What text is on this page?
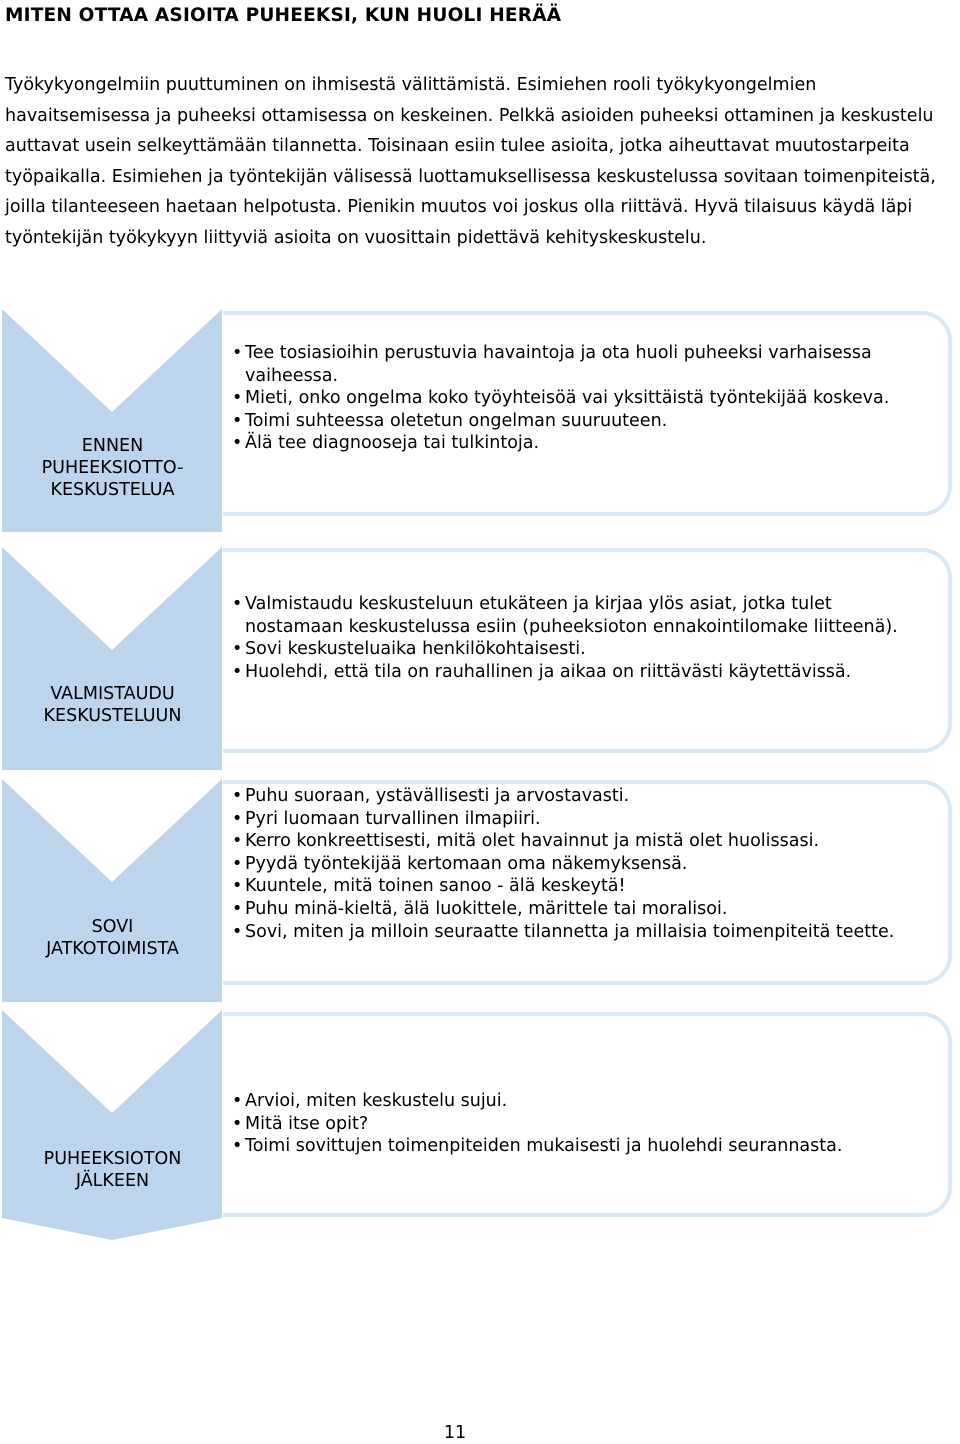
MITEN OTTAA ASIOITA PUHEEKSI, KUN HUOLI HERÄÄ
Työkykyongelmiin puuttuminen on ihmisestä välittämistä. Esimiehen rooli työkykyongelmien havaitsemisessa ja puheeksi ottamisessa on keskeinen. Pelkkä asioiden puheeksi ottaminen ja keskustelu auttavat usein selkeyttämään tilannetta. Toisinaan esiin tulee asioita, jotka aiheuttavat muutostarpeita työpaikalla. Esimiehen ja työntekijän välisessä luottamuksellisessa keskustelussa sovitaan toimenpiteistä, joilla tilanteeseen haetaan helpotusta. Pienikin muutos voi joskus olla riittävä. Hyvä tilaisuus käydä läpi työntekijän työkykyyn liittyviä asioita on vuosittain pidettävä kehityskeskustelu.
ENNEN
PUHEEKSIOTTO-
KESKUSTELUA
• Tee tosiasioihin perustuvia havaintoja ja ota huoli puheeksi varhaisessa vaiheessa.
• Mieti, onko ongelma koko työyhteisöä vai yksittäistä työntekijää koskeva.
• Toimi suhteessa oletetun ongelman suuruuteen.
• Älä tee diagnooseja tai tulkintoja.
VALMISTAUDU
KESKUSTELUUN
• Valmistaudu keskusteluun etukäteen ja kirjaa ylös asiat, jotka tulet nostamaan keskustelussa esiin (puheeksioton ennakointilomake liitteenä).
• Sovi keskusteluaika henkilökohtaisesti.
• Huolehdi, että tila on rauhallinen ja aikaa on riittävästi käytettävissä.
SOVI
JATKOTOIMISTA
• Puhu suoraan, ystävällisesti ja arvostavasti.
• Pyri luomaan turvallinen ilmapiiri.
• Kerro konkreettisesti, mitä olet havainnut ja mistä olet huolissasi.
• Pyydä työntekijää kertomaan oma näkemyksensä.
• Kuuntele, mitä toinen sanoo - älä keskeytä!
• Puhu minä-kieltä, älä luokittele, märittele tai moralisoi.
• Sovi, miten ja milloin seuraatte tilannetta ja millaisia toimenpiteitä teette.
PUHEEKSIOTON
JÄLKEEN
• Arvioi, miten keskustelu sujui.
• Mitä itse opit?
• Toimi sovittujen toimenpiteiden mukaisesti ja huolehdi seurannasta.
11
